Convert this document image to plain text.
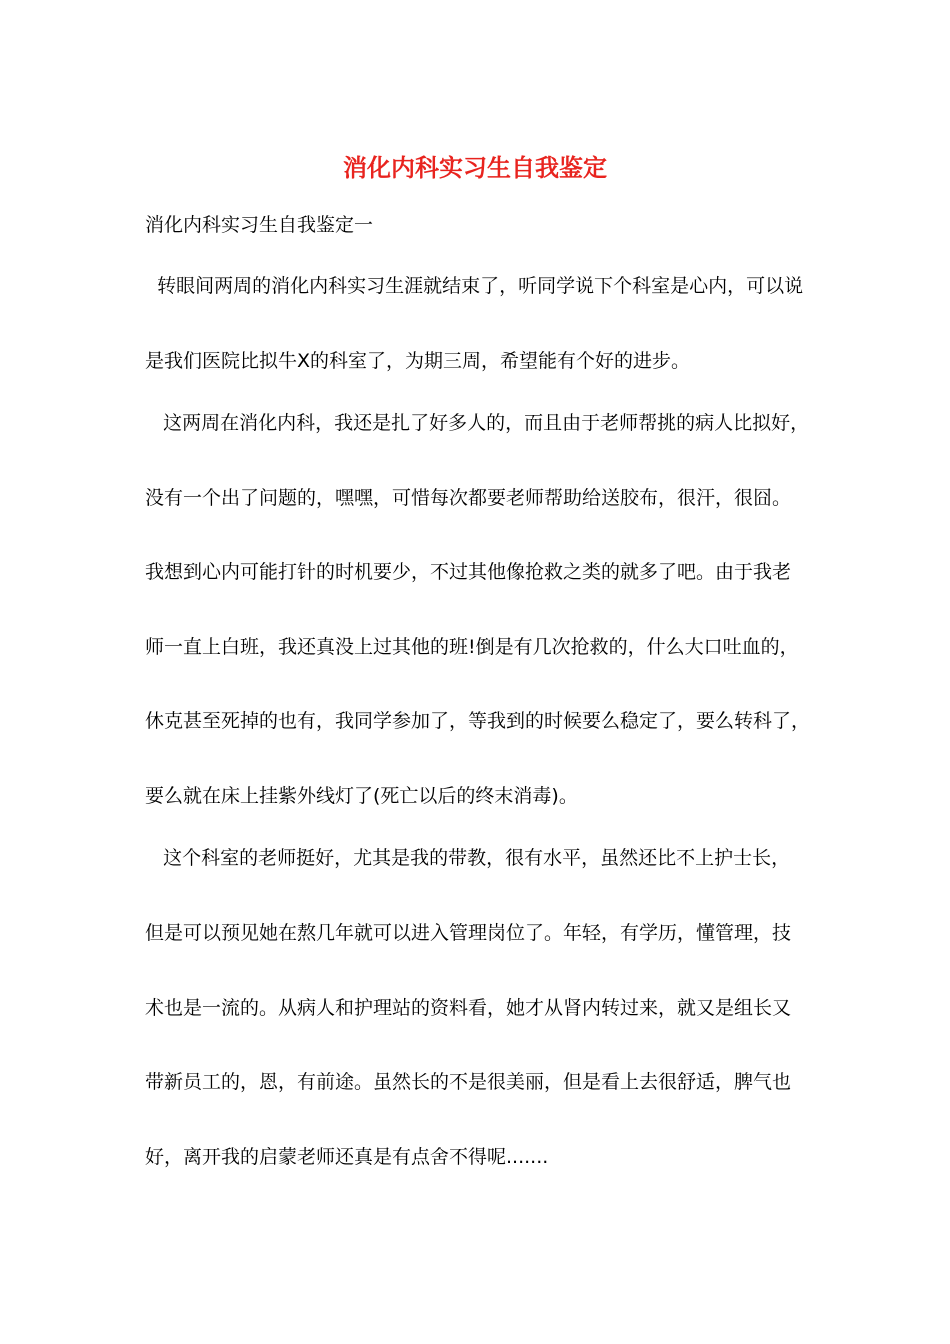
消化内科实习生自我鉴定

消化内科实习生自我鉴定一

转眼间两周的消化内科实习生涯就结束了，听同学说下个科室是心内，可以说

是我们医院比拟牛X的科室了，为期三周，希望能有个好的进步。

这两周在消化内科，我还是扎了好多人的，而且由于老师帮挑的病人比拟好，

没有一个出了问题的，嘿嘿，可惜每次都要老师帮助给送胶布，很汗，很囧。

我想到心内可能打针的时机要少，不过其他像抢救之类的就多了吧。由于我老

师一直上白班，我还真没上过其他的班!倒是有几次抢救的，什么大口吐血的，

休克甚至死掉的也有，我同学参加了，等我到的时候要么稳定了，要么转科了，

要么就在床上挂紫外线灯了(死亡以后的终末消毒)。

这个科室的老师挺好，尤其是我的带教，很有水平，虽然还比不上护士长，

但是可以预见她在熬几年就可以进入管理岗位了。年轻，有学历，懂管理，技

术也是一流的。从病人和护理站的资料看，她才从肾内转过来，就又是组长又

带新员工的，恩，有前途。虽然长的不是很美丽，但是看上去很舒适，脾气也

好，离开我的启蒙老师还真是有点舍不得呢.......
